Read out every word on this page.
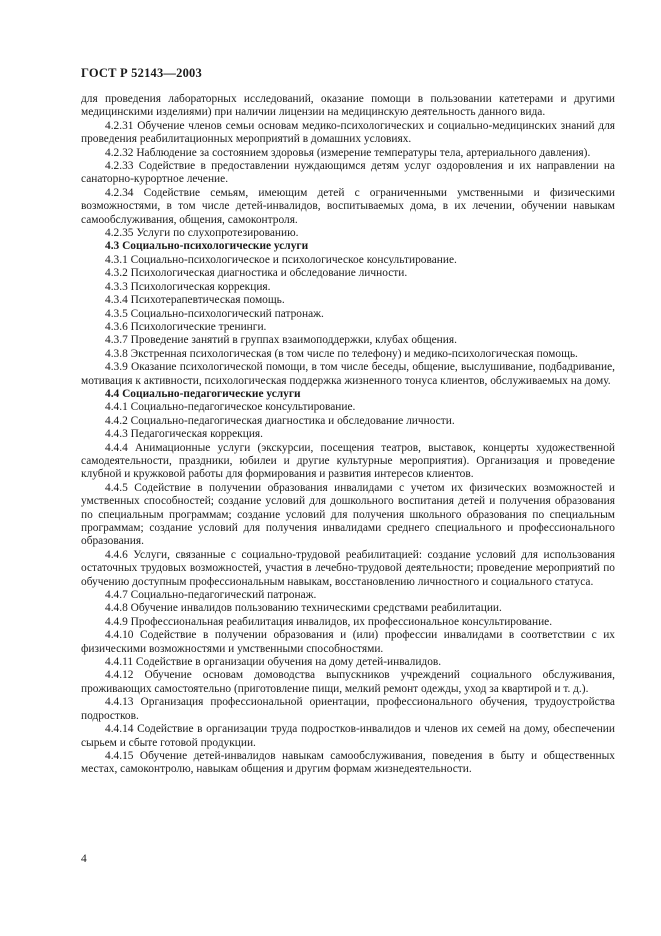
ГОСТ Р 52143—2003

для проведения лабораторных исследований, оказание помощи в пользовании катетерами и другими медицинскими изделиями) при наличии лицензии на медицинскую деятельность данного вида.

4.2.31 Обучение членов семьи основам медико-психологических и социально-медицинских знаний для проведения реабилитационных мероприятий в домашних условиях.

4.2.32 Наблюдение за состоянием здоровья (измерение температуры тела, артериального давления).

4.2.33 Содействие в предоставлении нуждающимся детям услуг оздоровления и их направлении на санаторно-курортное лечение.

4.2.34 Содействие семьям, имеющим детей с ограниченными умственными и физическими возможностями, в том числе детей-инвалидов, воспитываемых дома, в их лечении, обучении навыкам самообслуживания, общения, самоконтроля.

4.2.35 Услуги по слухопротезированию.

4.3 Социально-психологические услуги

4.3.1 Социально-психологическое и психологическое консультирование.

4.3.2 Психологическая диагностика и обследование личности.

4.3.3 Психологическая коррекция.

4.3.4 Психотерапевтическая помощь.

4.3.5 Социально-психологический патронаж.

4.3.6 Психологические тренинги.

4.3.7 Проведение занятий в группах взаимоподдержки, клубах общения.

4.3.8 Экстренная психологическая (в том числе по телефону) и медико-психологическая помощь.

4.3.9 Оказание психологической помощи, в том числе беседы, общение, выслушивание, подбадривание, мотивация к активности, психологическая поддержка жизненного тонуса клиентов, обслуживаемых на дому.

4.4 Социально-педагогические услуги

4.4.1 Социально-педагогическое консультирование.

4.4.2 Социально-педагогическая диагностика и обследование личности.

4.4.3 Педагогическая коррекция.

4.4.4 Анимационные услуги (экскурсии, посещения театров, выставок, концерты художественной самодеятельности, праздники, юбилеи и другие культурные мероприятия). Организация и проведение клубной и кружковой работы для формирования и развития интересов клиентов.

4.4.5 Содействие в получении образования инвалидами с учетом их физических возможностей и умственных способностей; создание условий для дошкольного воспитания детей и получения образования по специальным программам; создание условий для получения школьного образования по специальным программам; создание условий для получения инвалидами среднего специального и профессионального образования.

4.4.6 Услуги, связанные с социально-трудовой реабилитацией: создание условий для использования остаточных трудовых возможностей, участия в лечебно-трудовой деятельности; проведение мероприятий по обучению доступным профессиональным навыкам, восстановлению личностного и социального статуса.

4.4.7 Социально-педагогический патронаж.

4.4.8 Обучение инвалидов пользованию техническими средствами реабилитации.

4.4.9 Профессиональная реабилитация инвалидов, их профессиональное консультирование.

4.4.10 Содействие в получении образования и (или) профессии инвалидами в соответствии с их физическими возможностями и умственными способностями.

4.4.11 Содействие в организации обучения на дому детей-инвалидов.

4.4.12 Обучение основам домоводства выпускников учреждений социального обслуживания, проживающих самостоятельно (приготовление пищи, мелкий ремонт одежды, уход за квартирой и т. д.).

4.4.13 Организация профессиональной ориентации, профессионального обучения, трудоустройства подростков.

4.4.14 Содействие в организации труда подростков-инвалидов и членов их семей на дому, обеспечении сырьем и сбыте готовой продукции.

4.4.15 Обучение детей-инвалидов навыкам самообслуживания, поведения в быту и общественных местах, самоконтролю, навыкам общения и другим формам жизнедеятельности.

4
